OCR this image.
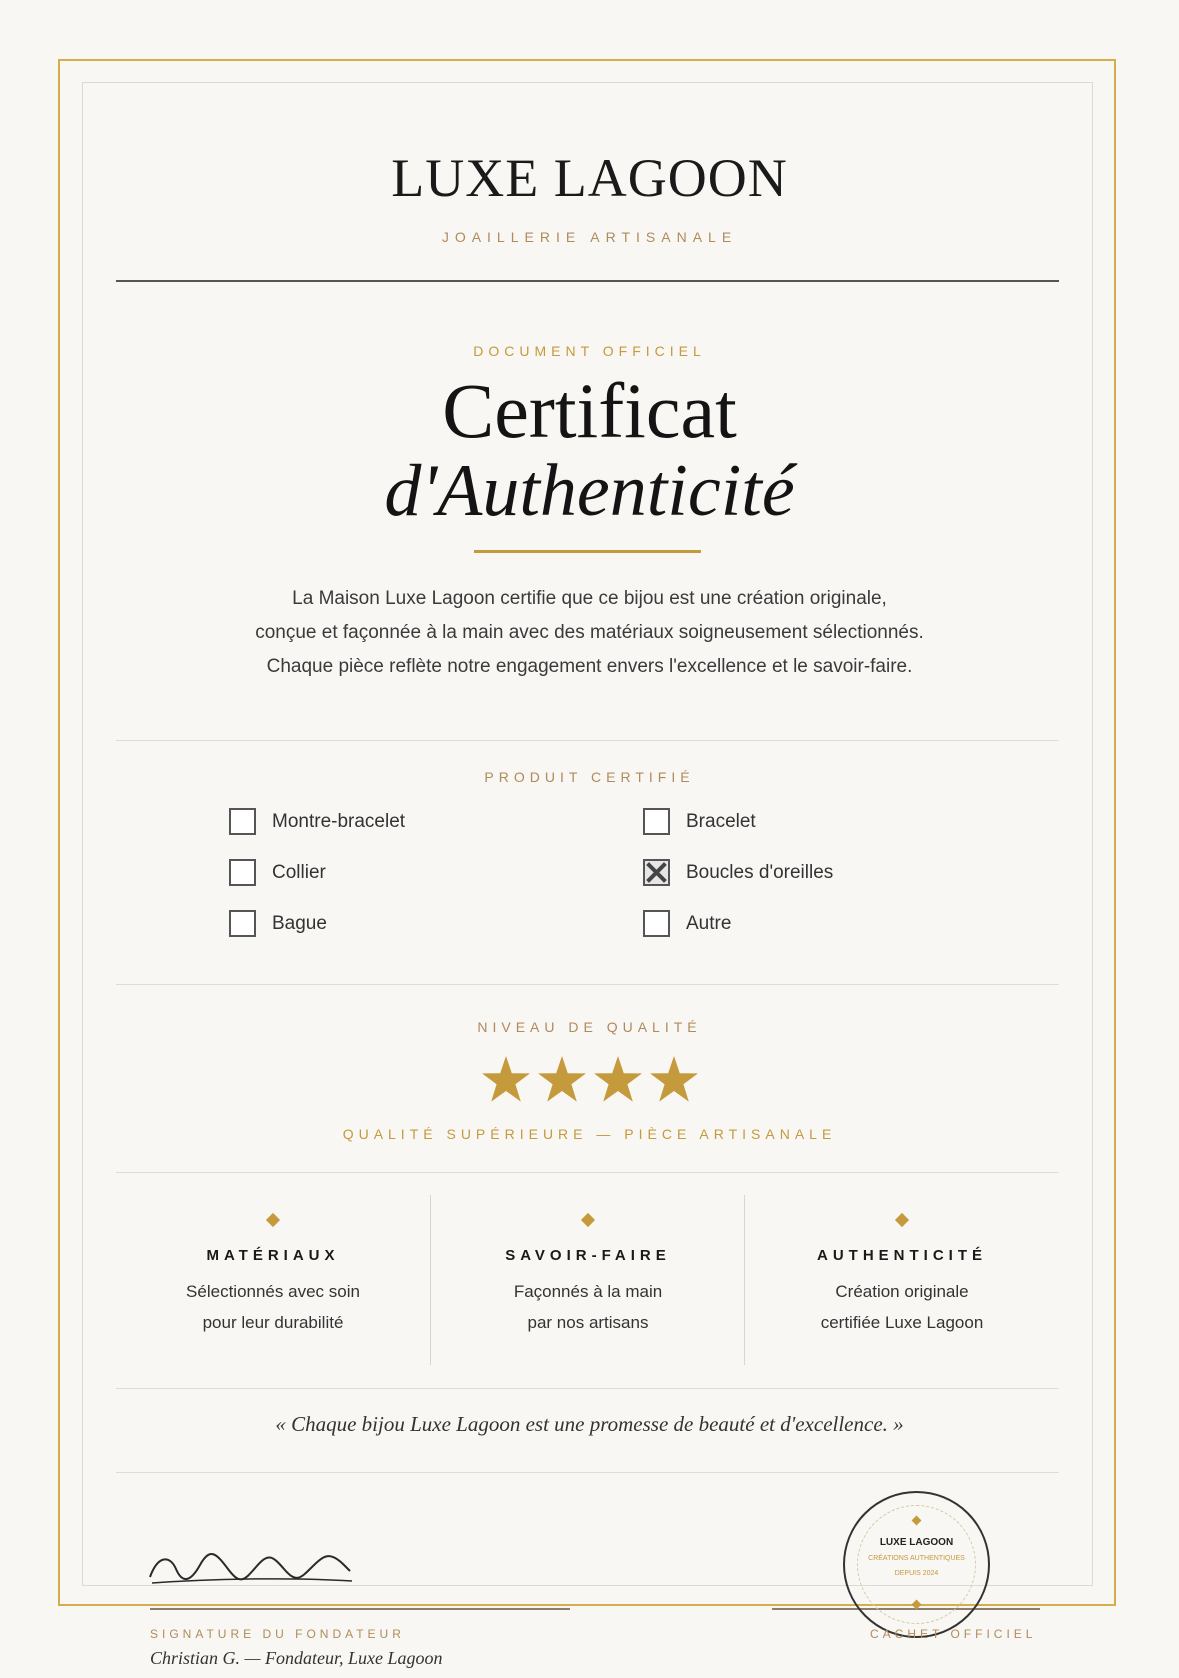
LUXE LAGOON
JOAILLERIE ARTISANALE
DOCUMENT OFFICIEL
Certificat
d'Authenticité
La Maison Luxe Lagoon certifie que ce bijou est une création originale,
conçue et façonnée à la main avec des matériaux soigneusement sélectionnés.
Chaque pièce reflète notre engagement envers l'excellence et le savoir-faire.
PRODUIT CERTIFIÉ
Montre-bracelet	Bracelet
Collier	Boucles d'oreilles
Bague	Autre
NIVEAU DE QUALITÉ
QUALITÉ SUPÉRIEURE — PIÈCE ARTISANALE
MATÉRIAUX
Sélectionnés avec soin
pour leur durabilité
SAVOIR-FAIRE
Façonnés à la main
par nos artisans
AUTHENTICITÉ
Création originale
certifiée Luxe Lagoon
« Chaque bijou Luxe Lagoon est une promesse de beauté et d'excellence. »
LUXE LAGOON
CRÉATIONS AUTHENTIQUES
DEPUIS 2024
SIGNATURE DU FONDATEUR
Christian G. — Fondateur, Luxe Lagoon
CACHET OFFICIEL
